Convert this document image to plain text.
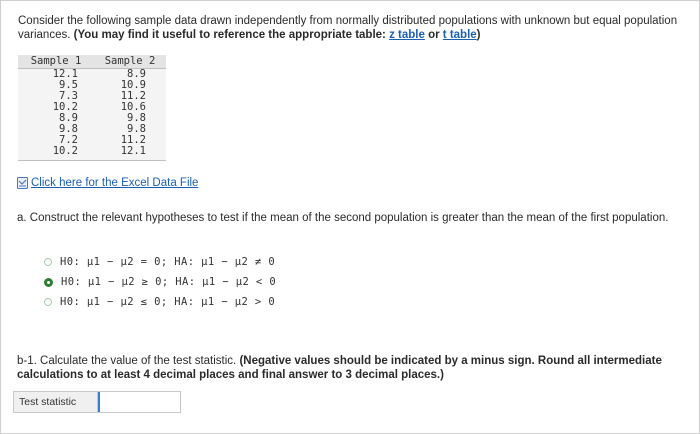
Consider the following sample data drawn independently from normally distributed populations with unknown but equal population variances. (You may find it useful to reference the appropriate table: z table or t table)
Sample 1	Sample 2
12.1	8.9
9.5	10.9
7.3	11.2
10.2	10.6
8.9	9.8
9.8	9.8
7.2	11.2
10.2	12.1
Click here for the Excel Data File
a. Construct the relevant hypotheses to test if the mean of the second population is greater than the mean of the first population.
H0: μ1 − μ2 = 0; HA: μ1 − μ2 ≠ 0
H0: μ1 − μ2 ≥ 0; HA: μ1 − μ2 < 0
H0: μ1 − μ2 ≤ 0; HA: μ1 − μ2 > 0
b-1. Calculate the value of the test statistic. (Negative values should be indicated by a minus sign. Round all intermediate calculations to at least 4 decimal places and final answer to 3 decimal places.)
Test statistic
